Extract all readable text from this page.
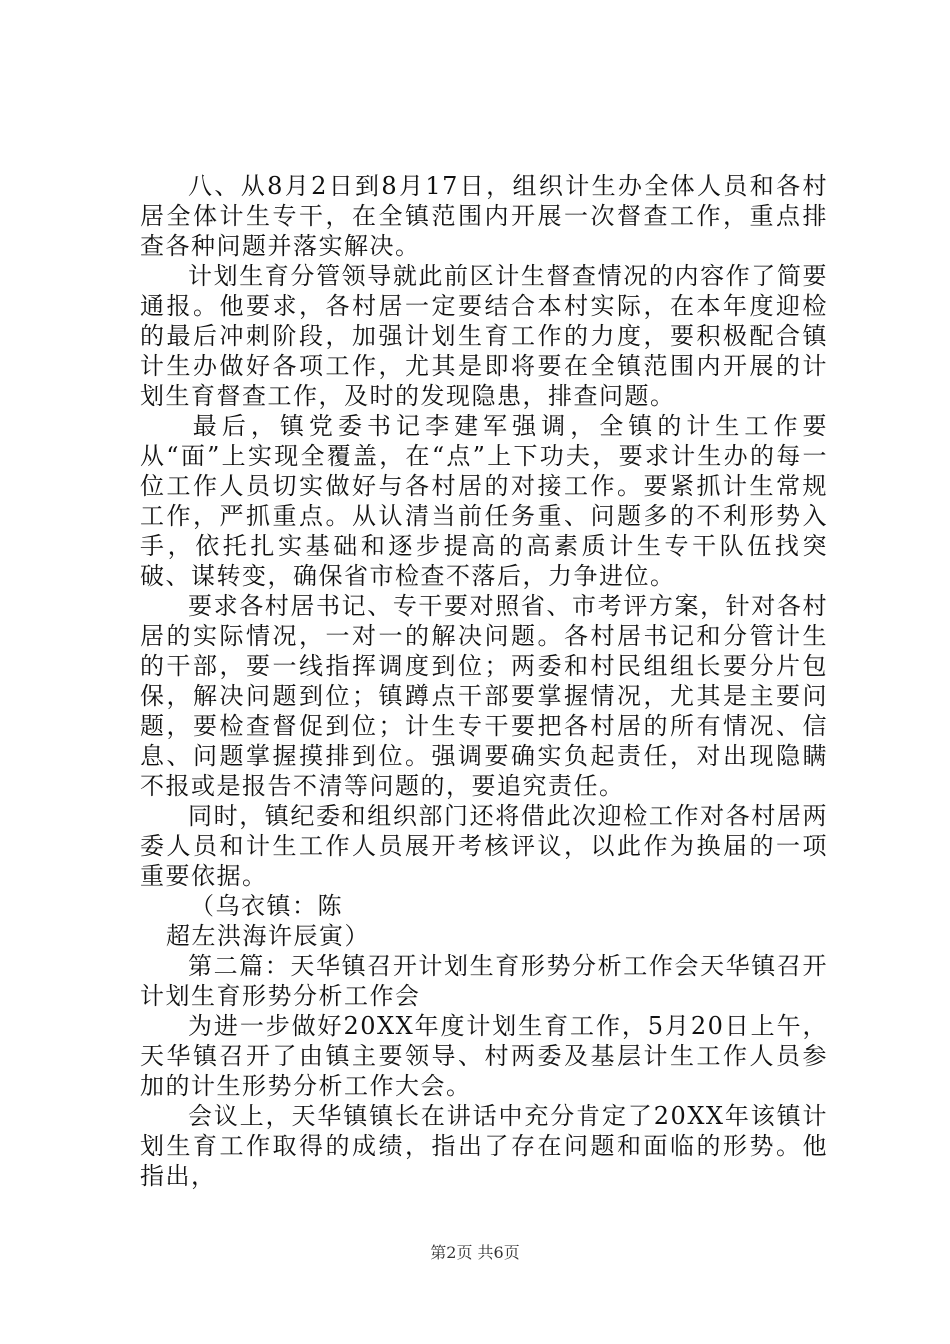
八、从8月2日到8月17日，组织计生办全体人员和各村居全体计生专干，在全镇范围内开展一次督查工作，重点排查各种问题并落实解决。

计划生育分管领导就此前区计生督查情况的内容作了简要通报。他要求，各村居一定要结合本村实际，在本年度迎检的最后冲刺阶段，加强计划生育工作的力度，要积极配合镇计生办做好各项工作，尤其是即将要在全镇范围内开展的计划生育督查工作，及时的发现隐患，排查问题。

最后，镇党委书记李建军强调，全镇的计生工作要从“面”上实现全覆盖，在“点”上下功夫，要求计生办的每一位工作人员切实做好与各村居的对接工作。要紧抓计生常规工作，严抓重点。从认清当前任务重、问题多的不利形势入手，依托扎实基础和逐步提高的高素质计生专干队伍找突破、谋转变，确保省市检查不落后，力争进位。

要求各村居书记、专干要对照省、市考评方案，针对各村居的实际情况，一对一的解决问题。各村居书记和分管计生的干部，要一线指挥调度到位；两委和村民组组长要分片包保，解决问题到位；镇蹲点干部要掌握情况，尤其是主要问题，要检查督促到位；计生专干要把各村居的所有情况、信息、问题掌握摸排到位。强调要确实负起责任，对出现隐瞒不报或是报告不清等问题的，要追究责任。

同时，镇纪委和组织部门还将借此次迎检工作对各村居两委人员和计生工作人员展开考核评议，以此作为换届的一项重要依据。

（乌衣镇：陈

超左洪海许辰寅）

第二篇：天华镇召开计划生育形势分析工作会天华镇召开计划生育形势分析工作会

为进一步做好20XX年度计划生育工作，5月20日上午，天华镇召开了由镇主要领导、村两委及基层计生工作人员参加的计生形势分析工作大会。

会议上，天华镇镇长在讲话中充分肯定了20XX年该镇计划生育工作取得的成绩，指出了存在问题和面临的形势。他指出，

第2页 共6页
